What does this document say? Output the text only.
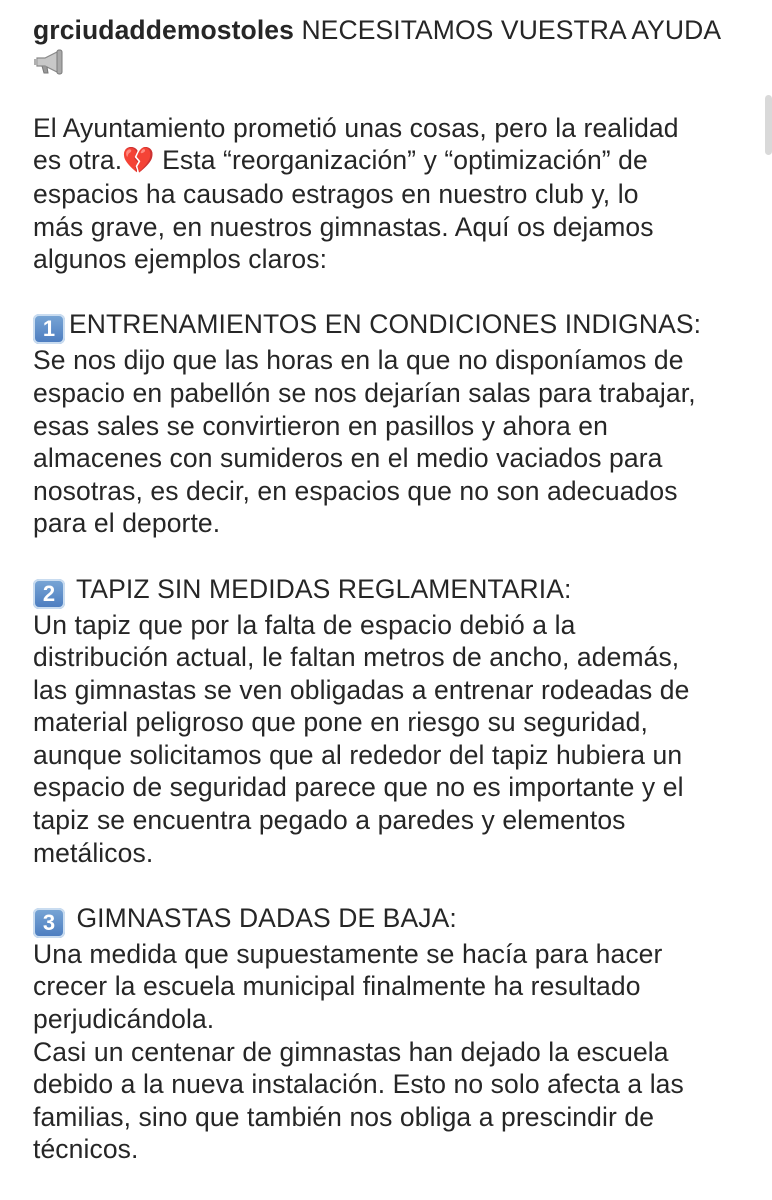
grciudaddemostoles NECESITAMOS VUESTRA AYUDA
El Ayuntamiento prometió unas cosas, pero la realidad
es otra.💔 Esta “reorganización” y “optimización” de
espacios ha causado estragos en nuestro club y, lo
más grave, en nuestros gimnastas. Aquí os dejamos
algunos ejemplos claros:
1 ENTRENAMIENTOS EN CONDICIONES INDIGNAS:
Se nos dijo que las horas en la que no disponíamos de
espacio en pabellón se nos dejarían salas para trabajar,
esas sales se convirtieron en pasillos y ahora en
almacenes con sumideros en el medio vaciados para
nosotras, es decir, en espacios que no son adecuados
para el deporte.
2 TAPIZ SIN MEDIDAS REGLAMENTARIA:
Un tapiz que por la falta de espacio debió a la
distribución actual, le faltan metros de ancho, además,
las gimnastas se ven obligadas a entrenar rodeadas de
material peligroso que pone en riesgo su seguridad,
aunque solicitamos que al rededor del tapiz hubiera un
espacio de seguridad parece que no es importante y el
tapiz se encuentra pegado a paredes y elementos
metálicos.
3 GIMNASTAS DADAS DE BAJA:
Una medida que supuestamente se hacía para hacer
crecer la escuela municipal finalmente ha resultado
perjudicándola.
Casi un centenar de gimnastas han dejado la escuela
debido a la nueva instalación. Esto no solo afecta a las
familias, sino que también nos obliga a prescindir de
técnicos.
